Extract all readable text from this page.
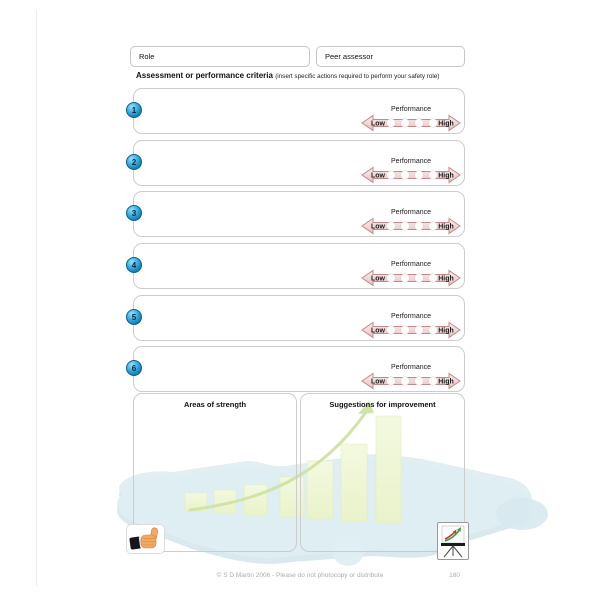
Role	Peer assessor
Assessment or performance criteria (insert specific actions required to perform your safety role)
1	Performance
Low	High
2	Performance
Low	High
3	Performance
Low	High
4	Performance
Low	High
5	Performance
Low	High
6	Performance
Low	High
Areas of strength	Suggestions for improvement
© S D Martin 2006 - Please do not photocopy or distribute	180
